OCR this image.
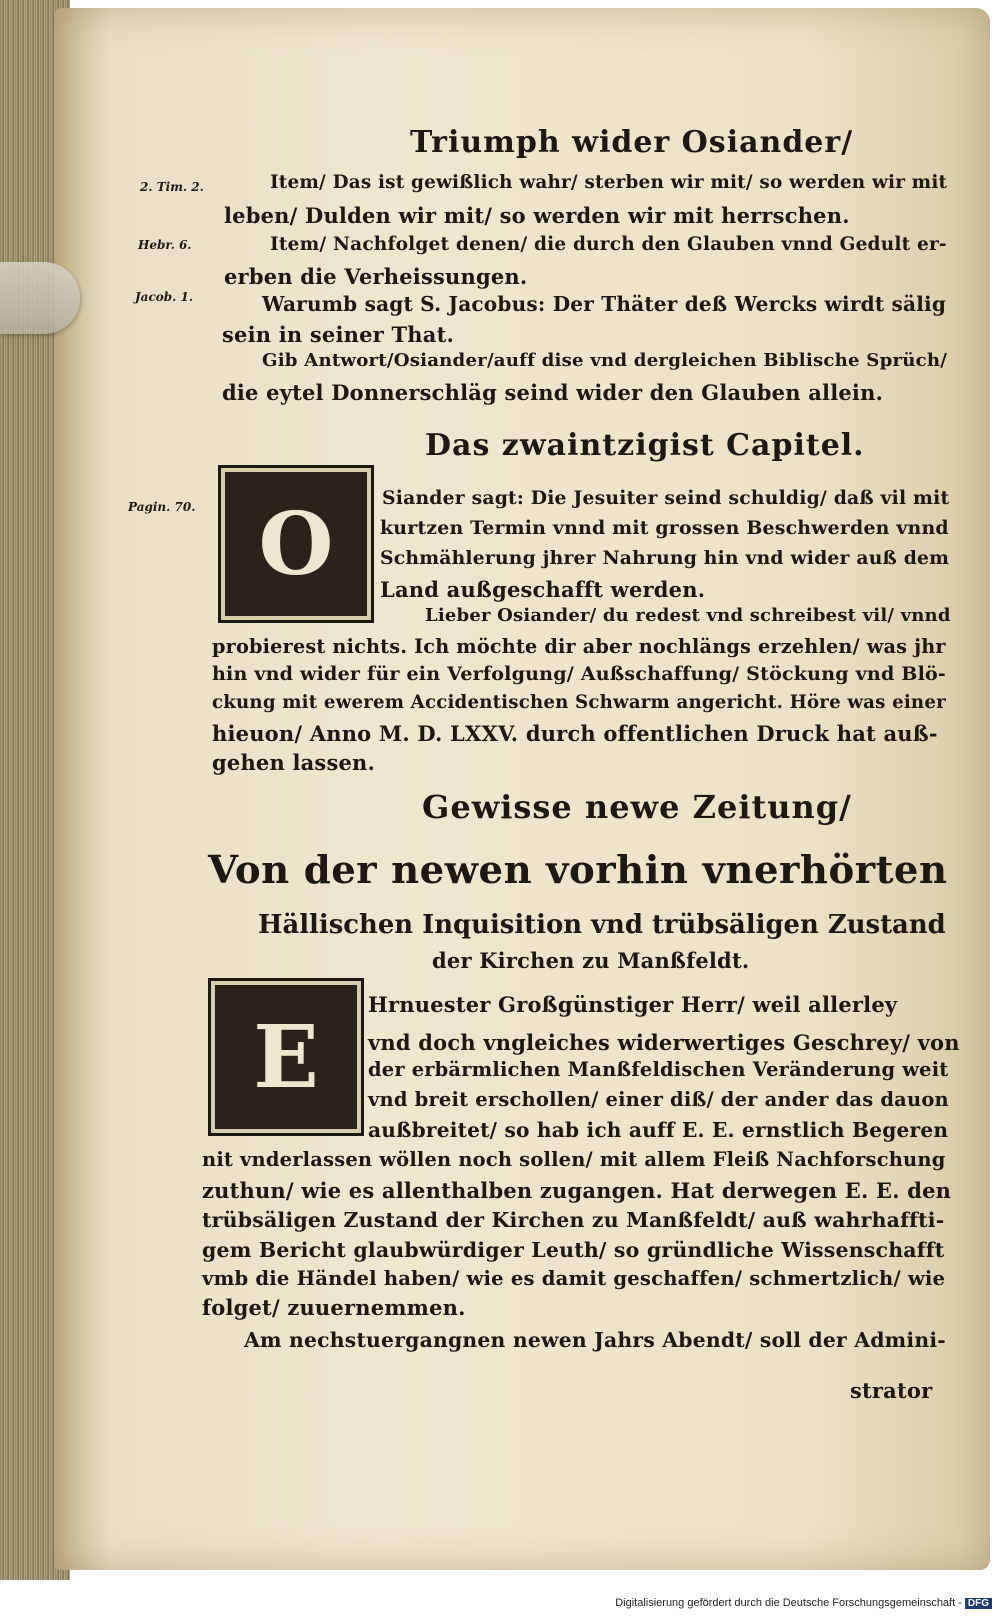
Triumph wider Osiander/
2. Tim. 2.
Hebr. 6.
Jacob. 1.
Pagin. 70.
Item/ Das ist gewißlich wahr/ sterben wir mit/ so werden wir mit
leben/ Dulden wir mit/ so werden wir mit herrschen.
Item/ Nachfolget denen/ die durch den Glauben vnnd Gedult er-
erben die Verheissungen.
Warumb sagt S. Jacobus: Der Thäter deß Wercks wirdt sälig
sein in seiner That.
Gib Antwort/Osiander/auff dise vnd dergleichen Biblische Sprüch/
die eytel Donnerschläg seind wider den Glauben allein.
Das zwaintzigist Capitel.
O	Siander sagt: Die Jesuiter seind schuldig/ daß vil mit
kurtzen Termin vnnd mit grossen Beschwerden vnnd
Schmählerung jhrer Nahrung hin vnd wider auß dem
Land außgeschafft werden.
Lieber Osiander/ du redest vnd schreibest vil/ vnnd
probierest nichts. Ich möchte dir aber nochlängs erzehlen/ was jhr
hin vnd wider für ein Verfolgung/ Außschaffung/ Stöckung vnd Blö-
ckung mit ewerem Accidentischen Schwarm angericht. Höre was einer
hieuon/ Anno M. D. LXXV. durch offentlichen Druck hat auß-
gehen lassen.
Gewisse newe Zeitung/
Von der newen vorhin vnerhörten
Hällischen Inquisition vnd trübsäligen Zustand
der Kirchen zu Manßfeldt.
E
Hrnuester Großgünstiger Herr/ weil allerley
vnd doch vngleiches widerwertiges Geschrey/ von
der erbärmlichen Manßfeldischen Veränderung weit
vnd breit erschollen/ einer diß/ der ander das dauon
außbreitet/ so hab ich auff E. E. ernstlich Begeren
nit vnderlassen wöllen noch sollen/ mit allem Fleiß Nachforschung
zuthun/ wie es allenthalben zugangen. Hat derwegen E. E. den
trübsäligen Zustand der Kirchen zu Manßfeldt/ auß wahrhaffti-
gem Bericht glaubwürdiger Leuth/ so gründliche Wissenschafft
vmb die Händel haben/ wie es damit geschaffen/ schmertzlich/ wie
folget/ zuuernemmen.
Am nechstuergangnen newen Jahrs Abendt/ soll der Admini-
strator
Digitalisierung gefördert durch die Deutsche Forschungsgemeinschaft - DFG
